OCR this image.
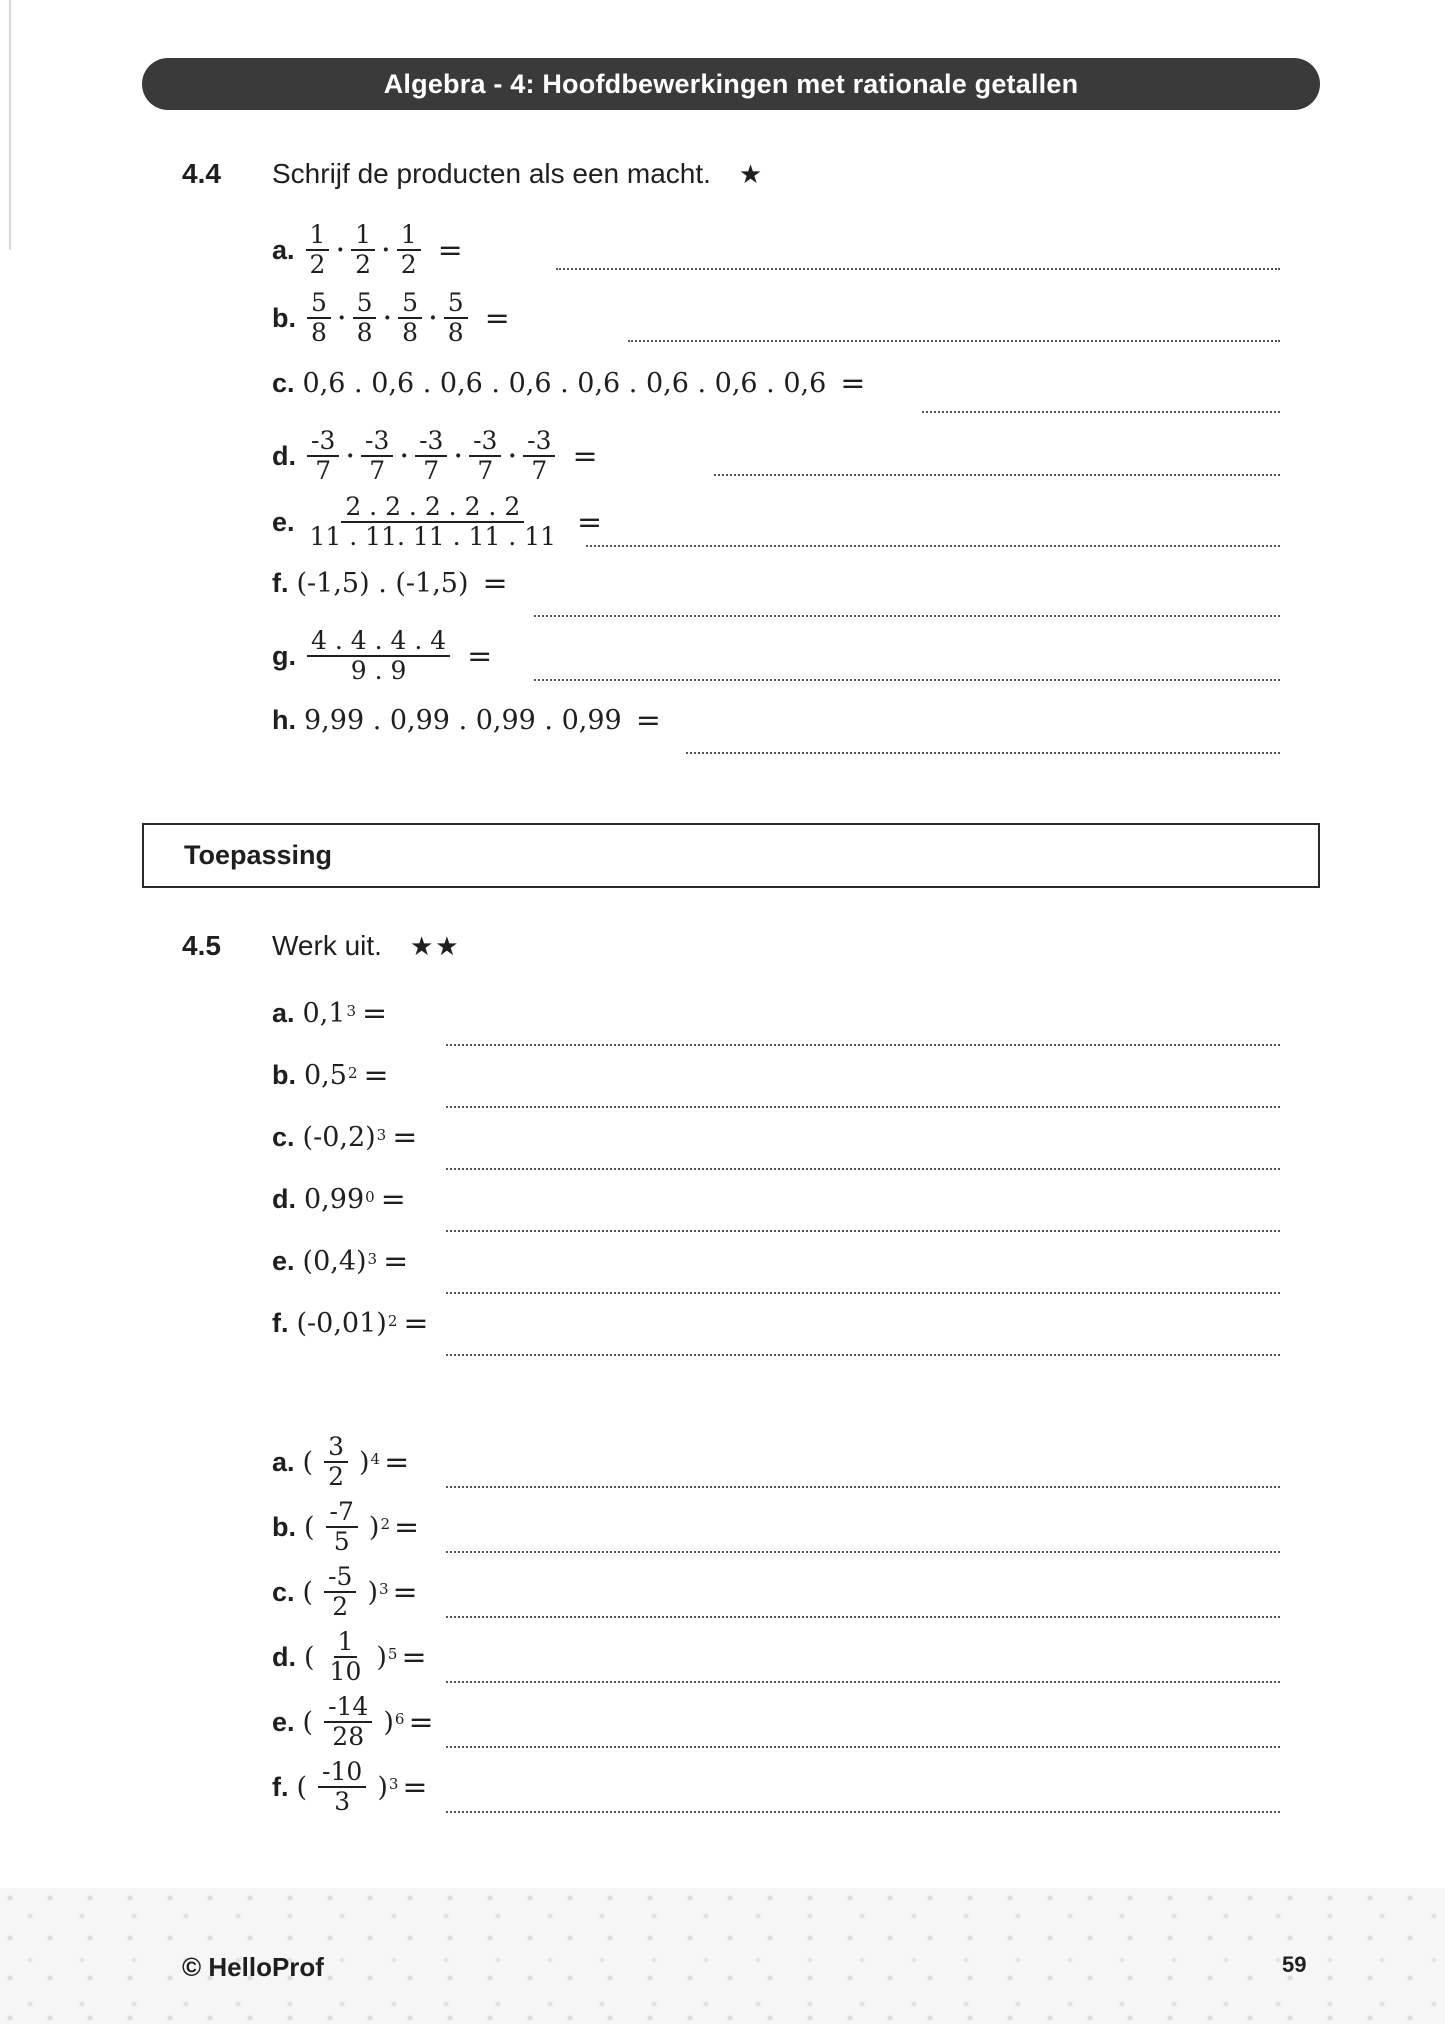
Algebra - 4: Hoofdbewerkingen met rationale getallen
4.4	Schrijf de producten als een macht. ★
a. $\frac{1}{2} \cdot \frac{1}{2} \cdot \frac{1}{2}$ =
b. $\frac{5}{8} \cdot \frac{5}{8} \cdot \frac{5}{8} \cdot \frac{5}{8}$ =
c. 0,6 . 0,6 . 0,6 . 0,6 . 0,6 . 0,6 . 0,6 . 0,6 =
d. $\frac{-3}{7} \cdot \frac{-3}{7} \cdot \frac{-3}{7} \cdot \frac{-3}{7} \cdot \frac{-3}{7}$ =
e. $\frac{2 . 2 . 2 . 2 . 2}{11 . 11. 11 . 11 . 11}$ =
f. (-1,5) . (-1,5) =
g. $\frac{4 . 4 . 4 . 4}{9 . 9}$ =
h. 9,99 . 0,99 . 0,99 . 0,99 =
Toepassing
4.5	Werk uit. ★★
a. 0,1 3 =
b. 0,5 2 =
c. (-0,2) 3 =
d. 0,99 0 =
e. (0,4) 3 =
f. (-0,01) 2 =
a. ( $\frac{3}{2}$ ) 4 =
b. ( $\frac{-7}{5}$ ) 2 =
c. ( $\frac{-5}{2}$ ) 3 =
d. ( $\frac{1}{10}$ ) 5 =
e. ( $\frac{-14}{28}$ ) 6 =
f. ( $\frac{-10}{3}$ ) 3 =
© HelloProf	59
